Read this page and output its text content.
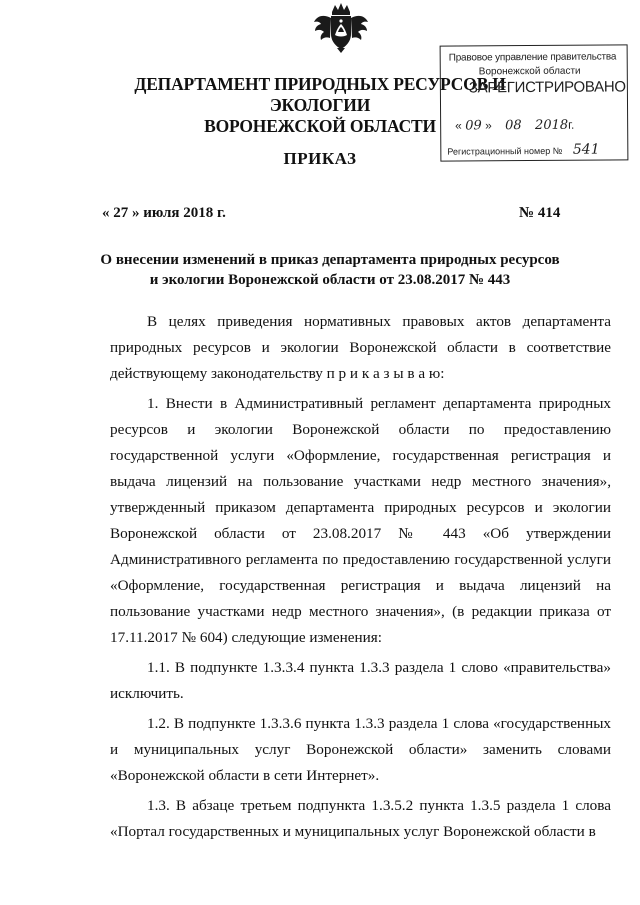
ДЕПАРТАМЕНТ ПРИРОДНЫХ РЕСУРСОВ И ЭКОЛОГИИ
ВОРОНЕЖСКОЙ ОБЛАСТИ
Правовое управление правительства
Воронежской области
ЗАРЕГИСТРИРОВАНО
« 09 » 08 2018г.
Регистрационный номер № 541
ПРИКАЗ
« 27 » июля 2018 г.	№ 414
О внесении изменений в приказ департамента природных ресурсов
и экологии Воронежской области от 23.08.2017 № 443

В целях приведения нормативных правовых актов департамента природных ресурсов и экологии Воронежской области в соответствие действующему законодательству п р и к а з ы в а ю:

1. Внести в Административный регламент департамента природных ресурсов и экологии Воронежской области по предоставлению государственной услуги «Оформление, государственная регистрация и выдача лицензий на пользование участками недр местного значения», утвержденный приказом департамента природных ресурсов и экологии Воронежской области от 23.08.2017 № 443 «Об утверждении Административного регламента по предоставлению государственной услуги «Оформление, государственная регистрация и выдача лицензий на пользование участками недр местного значения», (в редакции приказа от 17.11.2017 № 604) следующие изменения:

1.1. В подпункте 1.3.3.4 пункта 1.3.3 раздела 1 слово «правительства» исключить.

1.2. В подпункте 1.3.3.6 пункта 1.3.3 раздела 1 слова «государственных и муниципальных услуг Воронежской области» заменить словами «Воронежской области в сети Интернет».

1.3. В абзаце третьем подпункта 1.3.5.2 пункта 1.3.5 раздела 1 слова «Портал государственных и муниципальных услуг Воронежской области в
